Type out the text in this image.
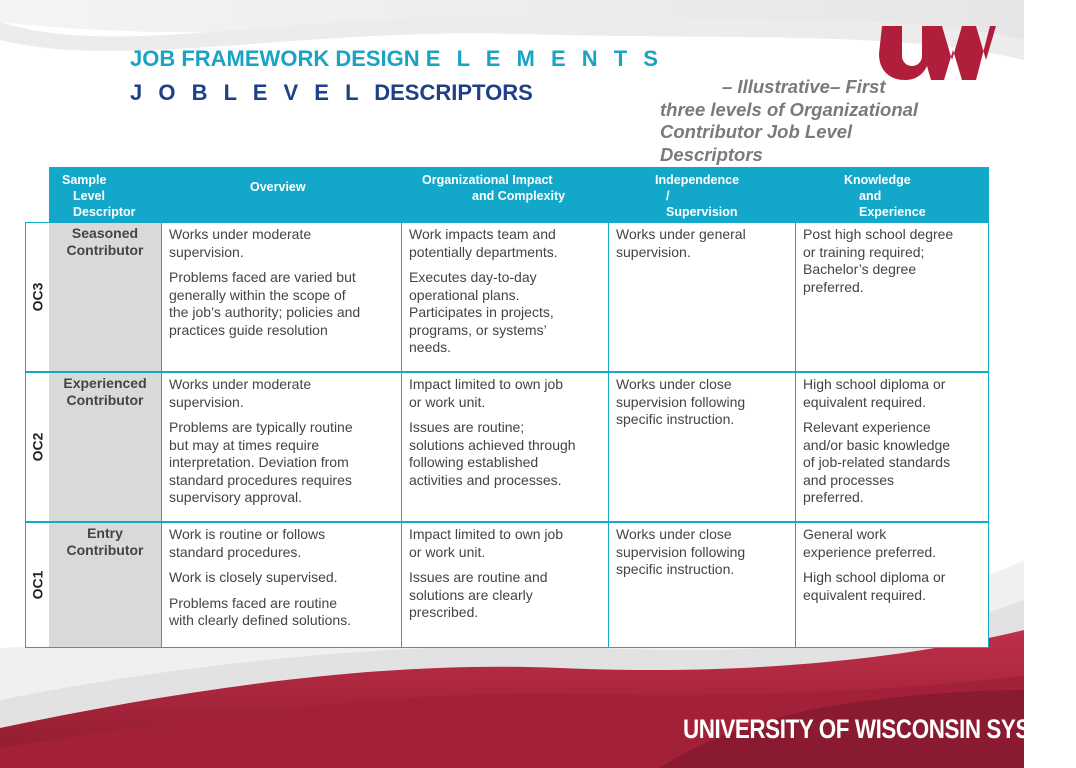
JOB FRAMEWORK DESIGN E L E M E N T S
J O B L E V E L DESCRIPTORS	– Illustrative– First
three levels of Organizational
Contributor Job Level
Descriptors
Sample
Level
Descriptor
Overview	Organizational Impact
and Complexity
Independence
/
Supervision
Knowledge
and
Experience
OC3
Seasoned
Contributor
Works under moderate
supervision.
Problems faced are varied but
generally within the scope of
the job’s authority; policies and
practices guide resolution
Work impacts team and
potentially departments.
Executes day-to-day
operational plans.
Participates in projects,
programs, or systems’
needs.
Works under general
supervision.
Post high school degree
or training required;
Bachelor’s degree
preferred.
OC2
Experienced
Contributor
Works under moderate
supervision.
Problems are typically routine
but may at times require
interpretation. Deviation from
standard procedures requires
supervisory approval.
Impact limited to own job
or work unit.
Issues are routine;
solutions achieved through
following established
activities and processes.
Works under close
supervision following
specific instruction.
High school diploma or
equivalent required.
Relevant experience
and/or basic knowledge
of job-related standards
and processes
preferred.
OC1
Entry
Contributor
Work is routine or follows
standard procedures.
Work is closely supervised.
Problems faced are routine
with clearly defined solutions.
Impact limited to own job
or work unit.
Issues are routine and
solutions are clearly
prescribed.
Works under close
supervision following
specific instruction.
General work
experience preferred.
High school diploma or
equivalent required.
UNIVERSITY OF WISCONSIN SYSTEM
